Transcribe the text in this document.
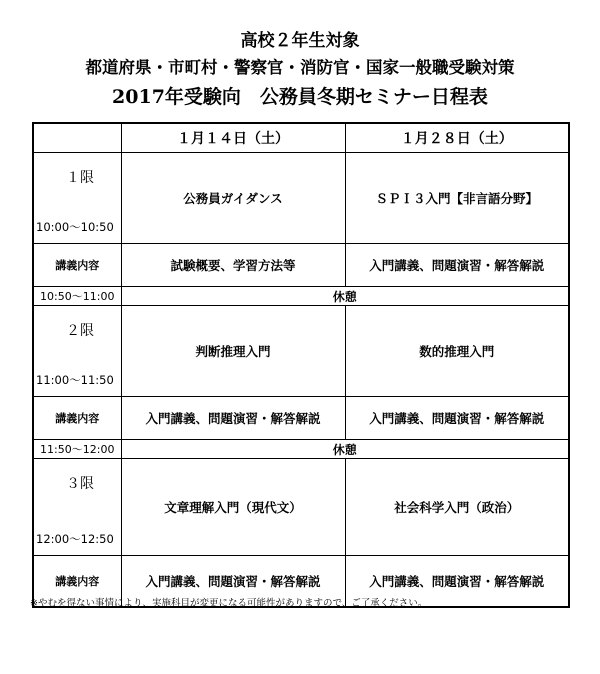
高校２年生対象
都道府県・市町村・警察官・消防官・国家一般職受験対策
2017年受験向　公務員冬期セミナー日程表
	１月１４日（土）	１月２８日（土）

１限
10:00～10:50	公務員ガイダンス	ＳＰＩ３入門【非言語分野】
講義内容	試験概要、学習方法等	入門講義、問題演習・解答解説
10:50～11:00	休憩	

２限
11:00～11:50	判断推理入門	数的推理入門
講義内容	入門講義、問題演習・解答解説	入門講義、問題演習・解答解説
11:50～12:00	休憩	

３限
12:00～12:50	文章理解入門（現代文）	社会科学入門（政治）
講義内容	入門講義、問題演習・解答解説	入門講義、問題演習・解答解説
※やむを得ない事情により、実施科目が変更になる可能性がありますので、ご了承ください。
